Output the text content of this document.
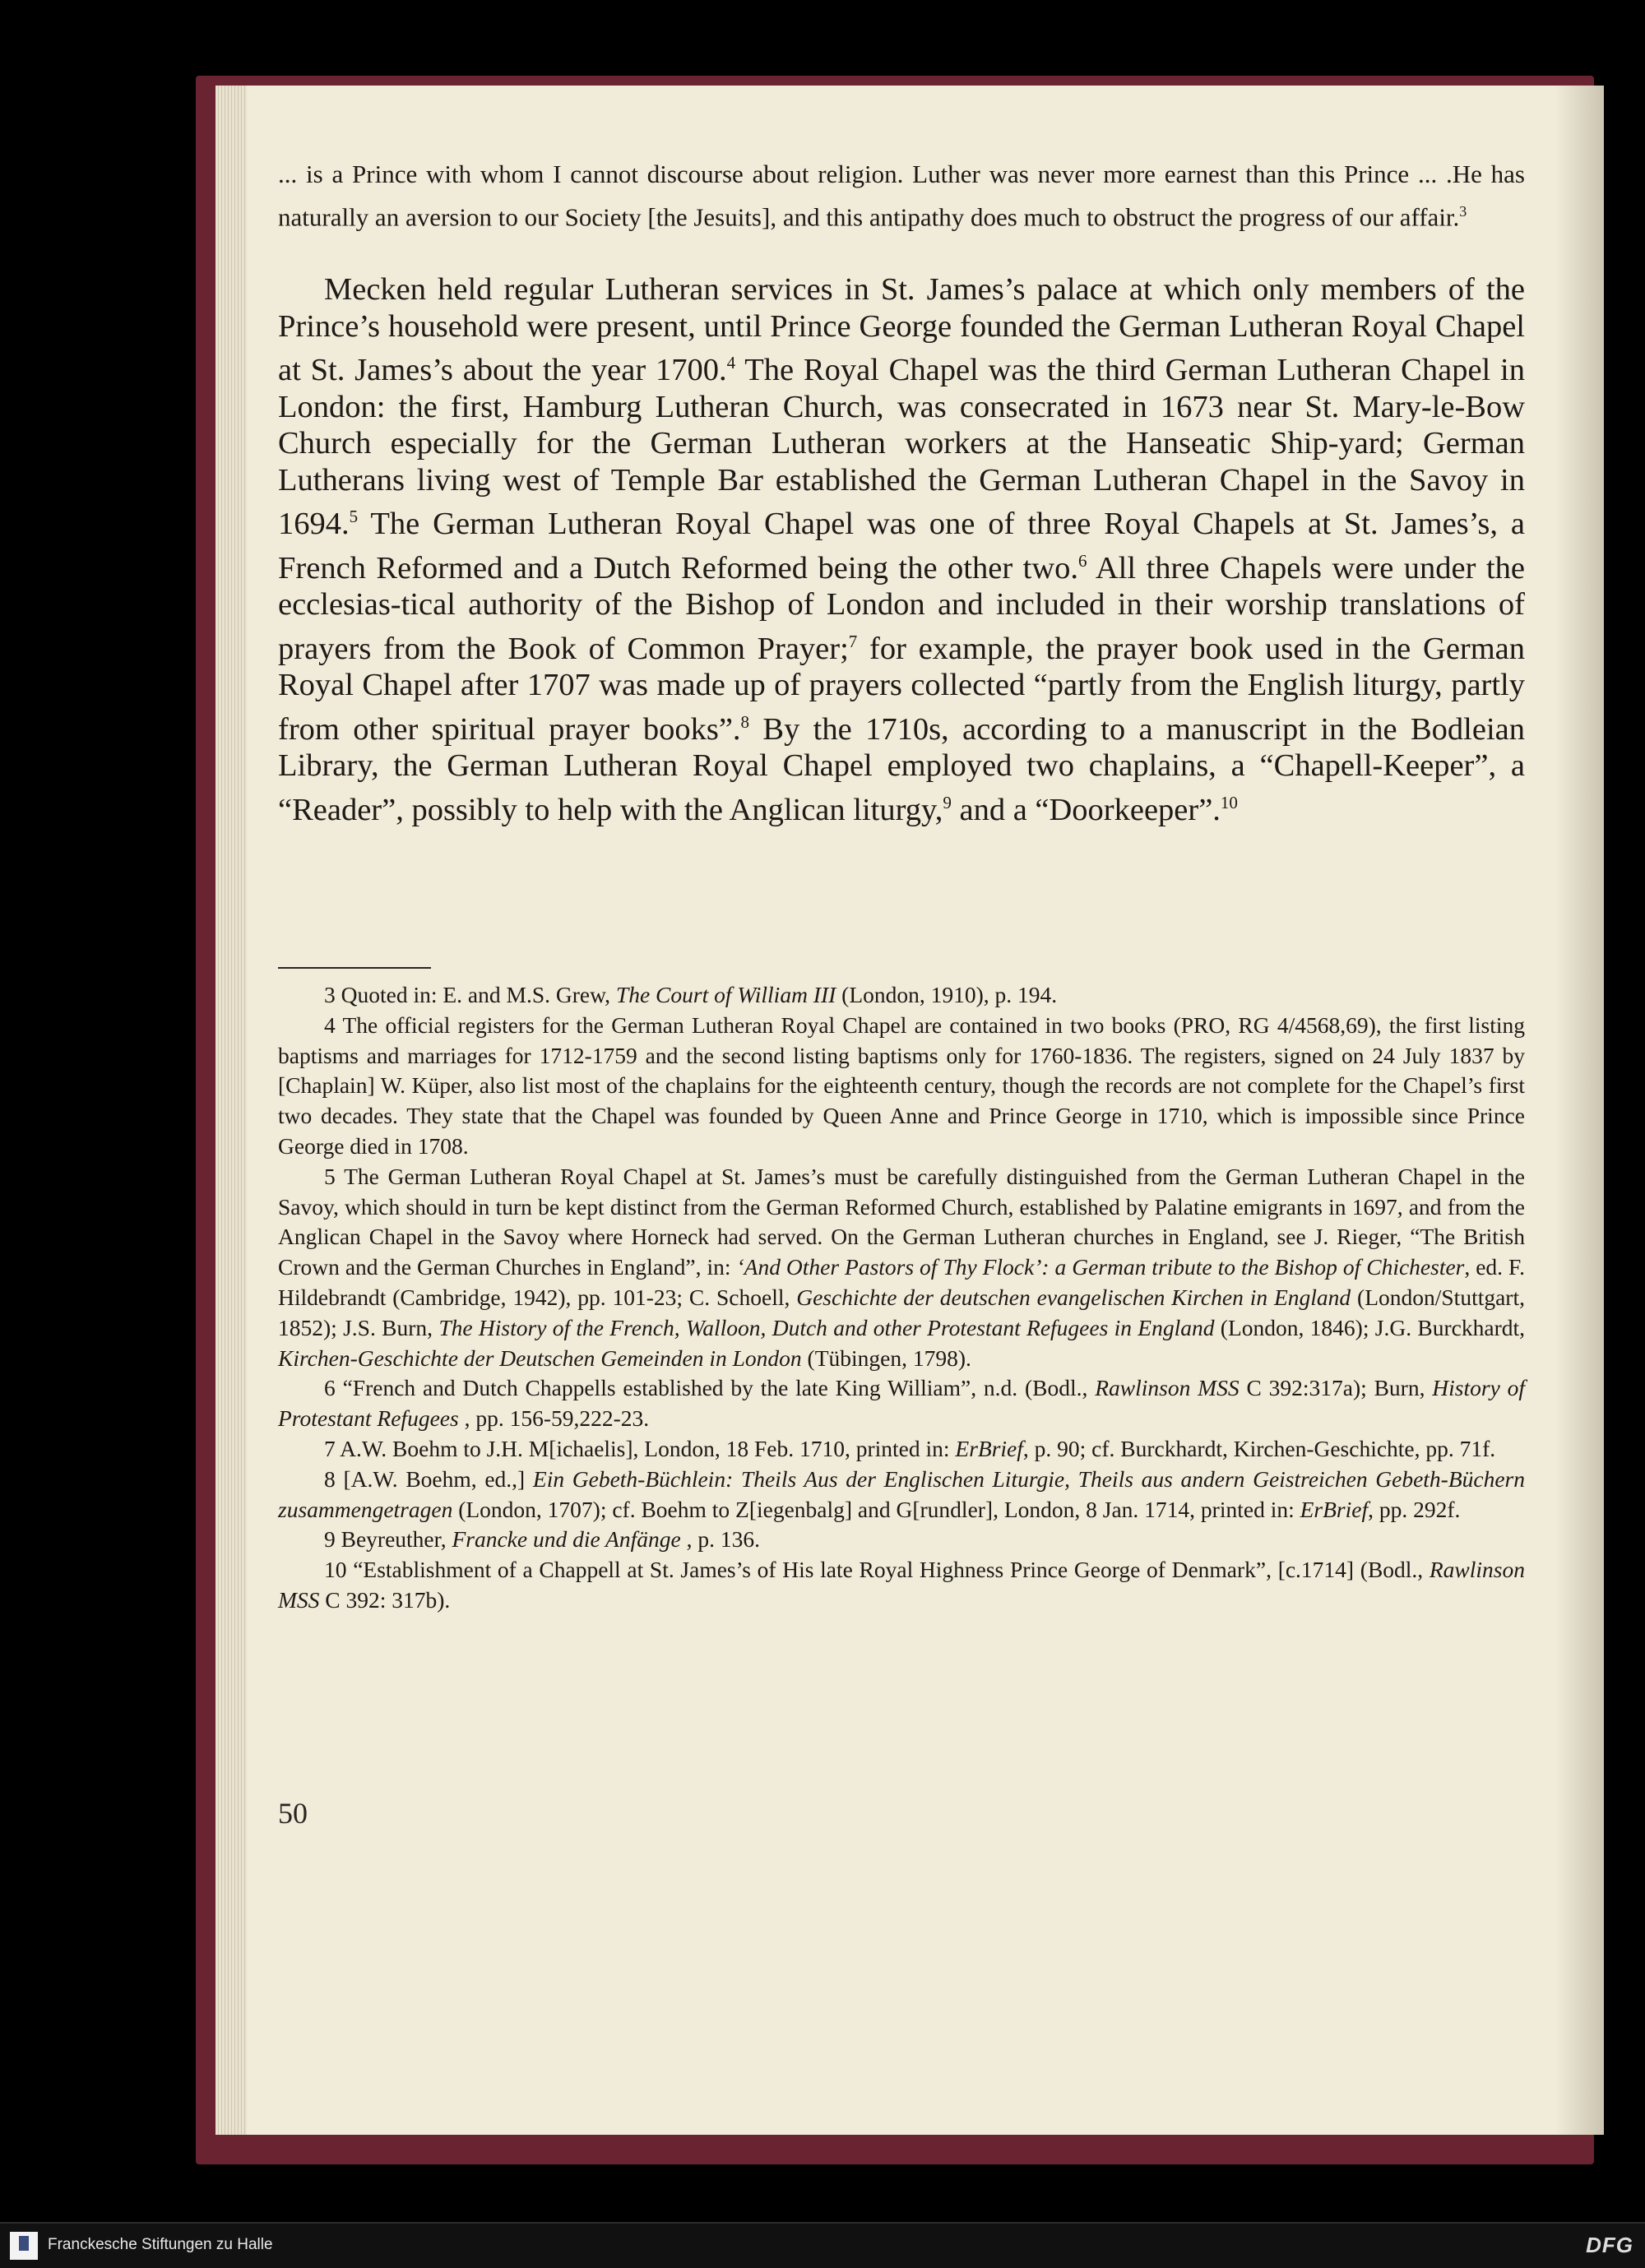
... is a Prince with whom I cannot discourse about religion. Luther was never more earnest than this Prince ... .He has naturally an aversion to our Society [the Jesuits], and this antipathy does much to obstruct the progress of our affair.$^3$
Mecken held regular Lutheran services in St. James’s palace at which only members of the Prince’s household were present, until Prince George founded the German Lutheran Royal Chapel at St. James’s about the year 1700.$^4$ The Royal Chapel was the third German Lutheran Chapel in London: the first, Hamburg Lutheran Church, was consecrated in 1673 near St. Mary-le-Bow Church especially for the German Lutheran workers at the Hanseatic Ship-yard; German Lutherans living west of Temple Bar established the German Lutheran Chapel in the Savoy in 1694.$^5$ The German Lutheran Royal Chapel was one of three Royal Chapels at St. James’s, a French Reformed and a Dutch Reformed being the other two.$^6$ All three Chapels were under the ecclesias-tical authority of the Bishop of London and included in their worship translations of prayers from the Book of Common Prayer;$^7$ for example, the prayer book used in the German Royal Chapel after 1707 was made up of prayers collected “partly from the English liturgy, partly from other spiritual prayer books”.$^8$ By the 1710s, according to a manuscript in the Bodleian Library, the German Lutheran Royal Chapel employed two chaplains, a “Chapell-Keeper”, a “Reader”, possibly to help with the Anglican liturgy,$^9$ and a “Doorkeeper”.$^{10}$

3 Quoted in: E. and M.S. Grew, The Court of William III (London, 1910), p. 194.

4 The official registers for the German Lutheran Royal Chapel are contained in two books (PRO, RG 4/4568,69), the first listing baptisms and marriages for 1712-1759 and the second listing baptisms only for 1760-1836. The registers, signed on 24 July 1837 by [Chaplain] W. Küper, also list most of the chaplains for the eighteenth century, though the records are not complete for the Chapel’s first two decades. They state that the Chapel was founded by Queen Anne and Prince George in 1710, which is impossible since Prince George died in 1708.

5 The German Lutheran Royal Chapel at St. James’s must be carefully distinguished from the German Lutheran Chapel in the Savoy, which should in turn be kept distinct from the German Reformed Church, established by Palatine emigrants in 1697, and from the Anglican Chapel in the Savoy where Horneck had served. On the German Lutheran churches in England, see J. Rieger, “The British Crown and the German Churches in England”, in: ‘And Other Pastors of Thy Flock’: a German tribute to the Bishop of Chichester, ed. F. Hildebrandt (Cambridge, 1942), pp. 101-23; C. Schoell, Geschichte der deutschen evangelischen Kirchen in England (London/Stuttgart, 1852); J.S. Burn, The History of the French, Walloon, Dutch and other Protestant Refugees in England (London, 1846); J.G. Burckhardt, Kirchen-Geschichte der Deutschen Gemeinden in London (Tübingen, 1798).

6 “French and Dutch Chappells established by the late King William”, n.d. (Bodl., Rawlinson MSS C 392:317a); Burn, History of Protestant Refugees , pp. 156-59,222-23.

7 A.W. Boehm to J.H. M[ichaelis], London, 18 Feb. 1710, printed in: ErBrief, p. 90; cf. Burckhardt, Kirchen-Geschichte, pp. 71f.

8 [A.W. Boehm, ed.,] Ein Gebeth-Büchlein: Theils Aus der Englischen Liturgie, Theils aus andern Geistreichen Gebeth-Büchern zusammengetragen (London, 1707); cf. Boehm to Z[iegenbalg] and G[rundler], London, 8 Jan. 1714, printed in: ErBrief, pp. 292f.

9 Beyreuther, Francke und die Anfänge , p. 136.

10 “Establishment of a Chappell at St. James’s of His late Royal Highness Prince George of Denmark”, [c.1714] (Bodl., Rawlinson MSS C 392: 317b).

50
Franckesche Stiftungen zu Halle	DFG
